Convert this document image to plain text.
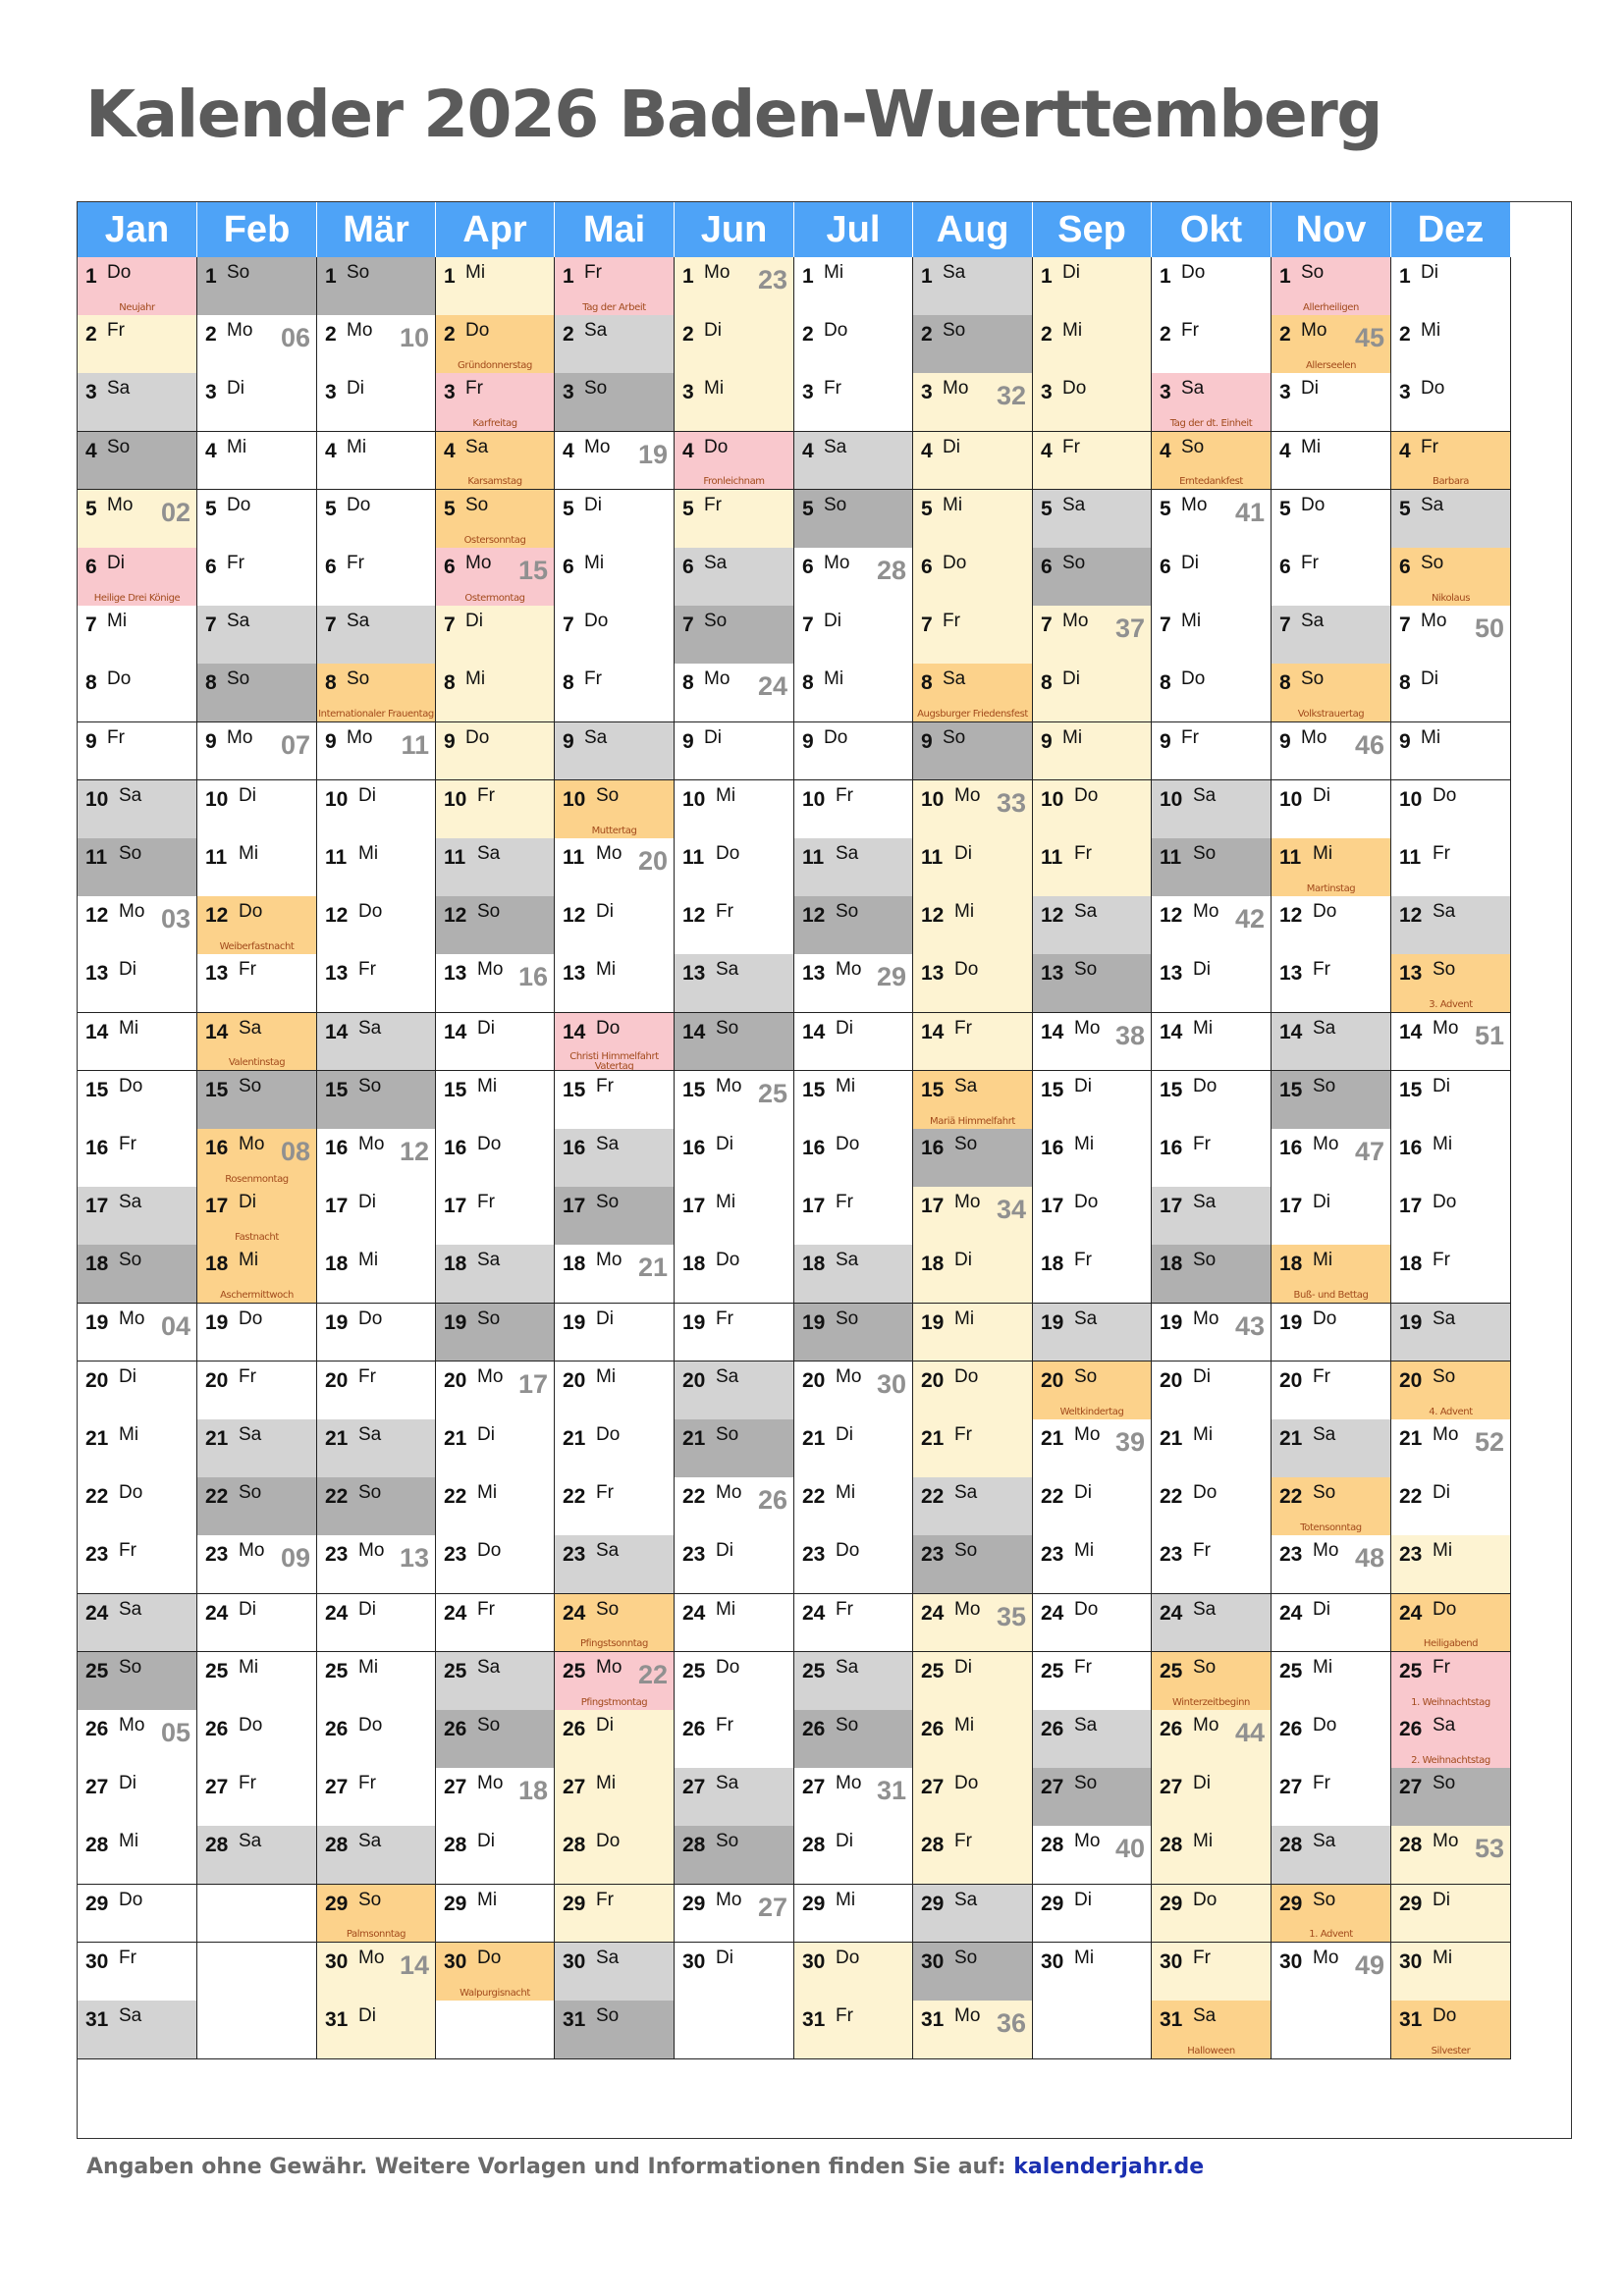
Kalender 2026 Baden-Wuerttemberg
Jan
1 Do
Neujahr
2 Fr
3 Sa
4 So
5 Mo 02
6 Di
Heilige Drei Könige
7 Mi
8 Do
9 Fr
10 Sa
11 So
12 Mo 03
13 Di
14 Mi
15 Do
16 Fr
17 Sa
18 So
19 Mo 04
20 Di
21 Mi
22 Do
23 Fr
24 Sa
25 So
26 Mo 05
27 Di
28 Mi
29 Do
30 Fr
31 Sa
Feb
1 So
2 Mo 06
3 Di
4 Mi
5 Do
6 Fr
7 Sa
8 So
9 Mo 07
10 Di
11 Mi
12 Do
Weiberfastnacht
13 Fr
14 Sa
Valentinstag
15 So
16 Mo 08
Rosenmontag
17 Di
Fastnacht
18 Mi
Aschermittwoch
19 Do
20 Fr
21 Sa
22 So
23 Mo 09
24 Di
25 Mi
26 Do
27 Fr
28 Sa
Mär
1 So
2 Mo 10
3 Di
4 Mi
5 Do
6 Fr
7 Sa
8 So
Internationaler Frauentag
9 Mo 11
10 Di
11 Mi
12 Do
13 Fr
14 Sa
15 So
16 Mo 12
17 Di
18 Mi
19 Do
20 Fr
21 Sa
22 So
23 Mo 13
24 Di
25 Mi
26 Do
27 Fr
28 Sa
29 So
Palmsonntag
30 Mo 14
31 Di
Apr
1 Mi
2 Do
Gründonnerstag
3 Fr
Karfreitag
4 Sa
Karsamstag
5 So
Ostersonntag
6 Mo 15
Ostermontag
7 Di
8 Mi
9 Do
10 Fr
11 Sa
12 So
13 Mo 16
14 Di
15 Mi
16 Do
17 Fr
18 Sa
19 So
20 Mo 17
21 Di
22 Mi
23 Do
24 Fr
25 Sa
26 So
27 Mo 18
28 Di
29 Mi
30 Do
Walpurgisnacht
Mai
1 Fr
Tag der Arbeit
2 Sa
3 So
4 Mo 19
5 Di
6 Mi
7 Do
8 Fr
9 Sa
10 So
Muttertag
11 Mo 20
12 Di
13 Mi
14 Do
Christi Himmelfahrt
Vatertag
15 Fr
16 Sa
17 So
18 Mo 21
19 Di
20 Mi
21 Do
22 Fr
23 Sa
24 So
Pfingstsonntag
25 Mo 22
Pfingstmontag
26 Di
27 Mi
28 Do
29 Fr
30 Sa
31 So
Jun
1 Mo 23
2 Di
3 Mi
4 Do
Fronleichnam
5 Fr
6 Sa
7 So
8 Mo 24
9 Di
10 Mi
11 Do
12 Fr
13 Sa
14 So
15 Mo 25
16 Di
17 Mi
18 Do
19 Fr
20 Sa
21 So
22 Mo 26
23 Di
24 Mi
25 Do
26 Fr
27 Sa
28 So
29 Mo 27
30 Di
Jul
1 Mi
2 Do
3 Fr
4 Sa
5 So
6 Mo 28
7 Di
8 Mi
9 Do
10 Fr
11 Sa
12 So
13 Mo 29
14 Di
15 Mi
16 Do
17 Fr
18 Sa
19 So
20 Mo 30
21 Di
22 Mi
23 Do
24 Fr
25 Sa
26 So
27 Mo 31
28 Di
29 Mi
30 Do
31 Fr
Aug
1 Sa
2 So
3 Mo 32
4 Di
5 Mi
6 Do
7 Fr
8 Sa
Augsburger Friedensfest
9 So
10 Mo 33
11 Di
12 Mi
13 Do
14 Fr
15 Sa
Mariä Himmelfahrt
16 So
17 Mo 34
18 Di
19 Mi
20 Do
21 Fr
22 Sa
23 So
24 Mo 35
25 Di
26 Mi
27 Do
28 Fr
29 Sa
30 So
31 Mo 36
Sep
1 Di
2 Mi
3 Do
4 Fr
5 Sa
6 So
7 Mo 37
8 Di
9 Mi
10 Do
11 Fr
12 Sa
13 So
14 Mo 38
15 Di
16 Mi
17 Do
18 Fr
19 Sa
20 So
Weltkindertag
21 Mo 39
22 Di
23 Mi
24 Do
25 Fr
26 Sa
27 So
28 Mo 40
29 Di
30 Mi
Okt
1 Do
2 Fr
3 Sa
Tag der dt. Einheit
4 So
Erntedankfest
5 Mo 41
6 Di
7 Mi
8 Do
9 Fr
10 Sa
11 So
12 Mo 42
13 Di
14 Mi
15 Do
16 Fr
17 Sa
18 So
19 Mo 43
20 Di
21 Mi
22 Do
23 Fr
24 Sa
25 So
Winterzeitbeginn
26 Mo 44
27 Di
28 Mi
29 Do
30 Fr
31 Sa
Halloween
Nov
1 So
Allerheiligen
2 Mo 45
Allerseelen
3 Di
4 Mi
5 Do
6 Fr
7 Sa
8 So
Volkstrauertag
9 Mo 46
10 Di
11 Mi
Martinstag
12 Do
13 Fr
14 Sa
15 So
16 Mo 47
17 Di
18 Mi
Buß- und Bettag
19 Do
20 Fr
21 Sa
22 So
Totensonntag
23 Mo 48
24 Di
25 Mi
26 Do
27 Fr
28 Sa
29 So
1. Advent
30 Mo 49
Dez
1 Di
2 Mi
3 Do
4 Fr
Barbara
5 Sa
6 So
Nikolaus
7 Mo 50
8 Di
9 Mi
10 Do
11 Fr
12 Sa
13 So
3. Advent
14 Mo 51
15 Di
16 Mi
17 Do
18 Fr
19 Sa
20 So
4. Advent
21 Mo 52
22 Di
23 Mi
24 Do
Heiligabend
25 Fr
1. Weihnachtstag
26 Sa
2. Weihnachtstag
27 So
28 Mo 53
29 Di
30 Mi
31 Do
Silvester
Angaben ohne Gewähr. Weitere Vorlagen und Informationen finden Sie auf: kalenderjahr.de
